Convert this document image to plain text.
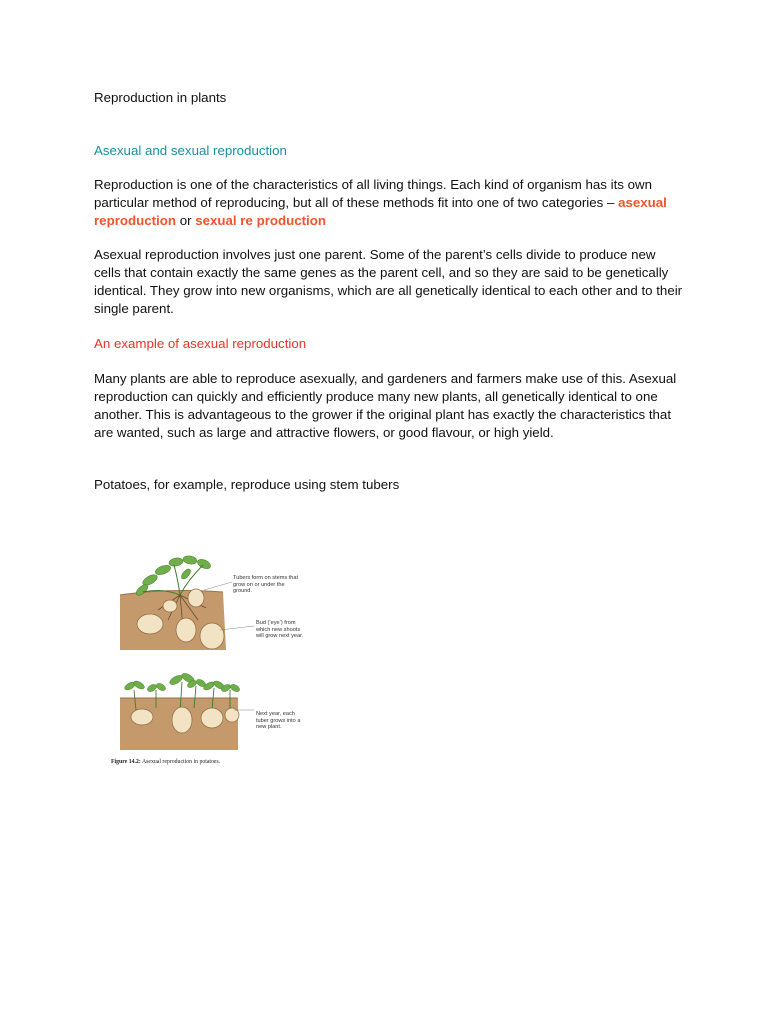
Reproduction in plants
Asexual and sexual reproduction
Reproduction is one of the characteristics of all living things. Each kind of organism has its own particular method of reproducing, but all of these methods fit into one of two categories – asexual reproduction or sexual re production
Asexual reproduction involves just one parent. Some of the parent’s cells divide to produce new cells that contain exactly the same genes as the parent cell, and so they are said to be genetically identical. They grow into new organisms, which are all genetically identical to each other and to their single parent.
An example of asexual reproduction
Many plants are able to reproduce asexually, and gardeners and farmers make use of this. Asexual reproduction can quickly and efficiently produce many new plants, all genetically identical to one another. This is advantageous to the grower if the original plant has exactly the characteristics that are wanted, such as large and attractive flowers, or good flavour, or high yield.
Potatoes, for example, reproduce using stem tubers
Tubers form on stems that grow on or under the ground.
Bud (‘eye’) from which new shoots will grow next year.
Next year, each tuber grows into a new plant.
Figure 14.2: Asexual reproduction in potatoes.
